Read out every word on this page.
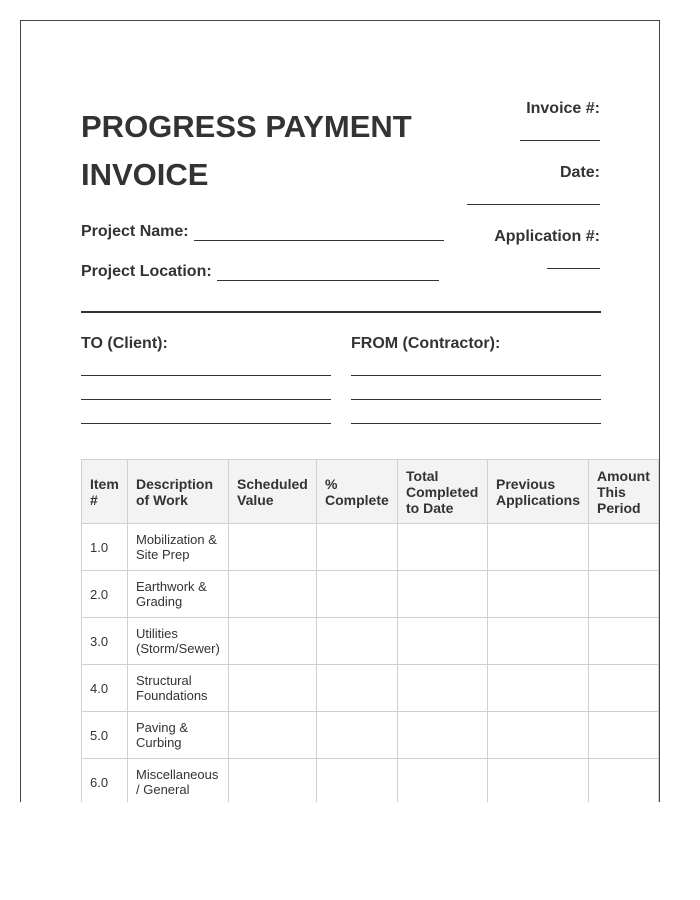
PROGRESS PAYMENT
INVOICE
Invoice #:
Date:
Application #:
Project Name:
Project Location:
TO (Client):	FROM (Contractor):
Item #	Description of Work	Scheduled Value	% Complete	Total Completed to Date	Previous Applications	Amount This Period
1.0	Mobilization & Site Prep					
2.0	Earthwork & Grading					
3.0	Utilities (Storm/Sewer)					
4.0	Structural Foundations					
5.0	Paving & Curbing					
6.0	Miscellaneous / General					
